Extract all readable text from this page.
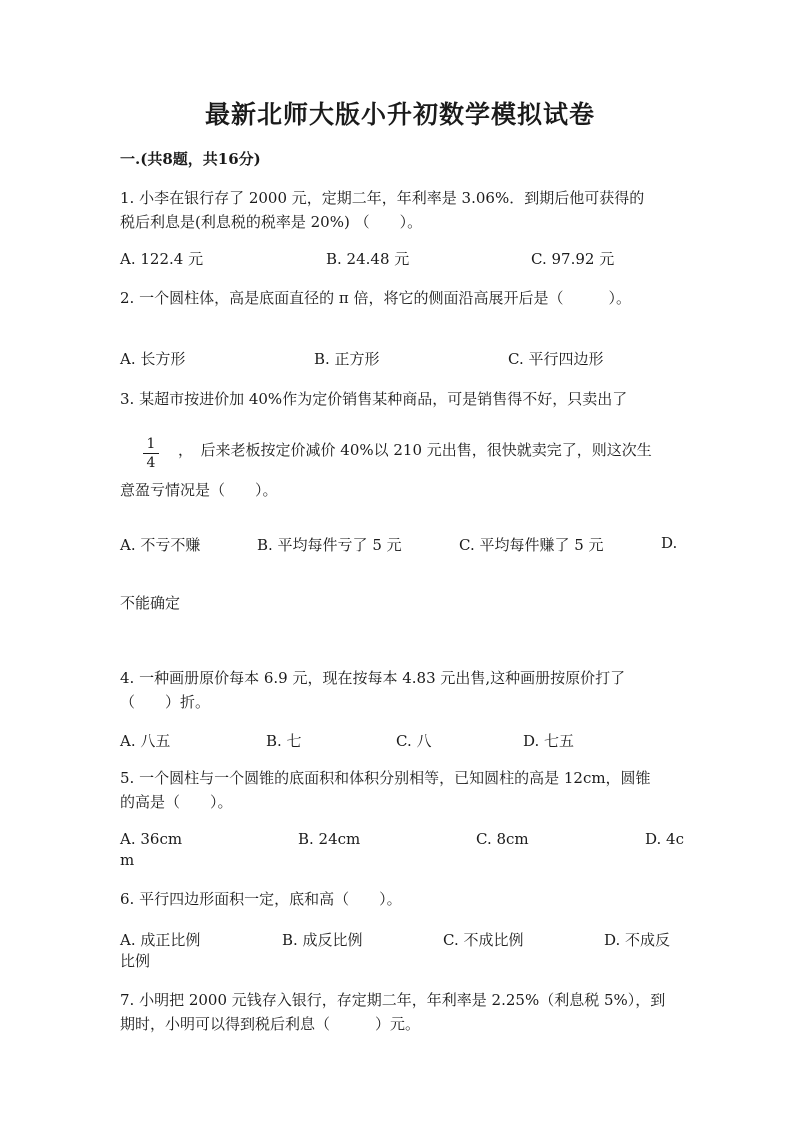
最新北师大版小升初数学模拟试卷
一.(共8题，共16分)
1. 小李在银行存了 2000 元，定期二年，年利率是 3.06%．到期后他可获得的
税后利息是(利息税的税率是 20%) （　　）。
A. 122.4 元	B. 24.48 元	C. 97.92 元
2. 一个圆柱体，高是底面直径的 π 倍，将它的侧面沿高展开后是（　　　）。
A. 长方形	B. 正方形	C. 平行四边形
3. 某超市按进价加 40%作为定价销售某种商品，可是销售得不好，只卖出了
1
4
，　后来老板按定价减价 40%以 210 元出售，很快就卖完了，则这次生
意盈亏情况是（　　）。
A. 不亏不赚	B. 平均每件亏了 5 元	C. 平均每件赚了 5 元	D.
不能确定
4. 一种画册原价每本 6.9 元，现在按每本 4.83 元出售,这种画册按原价打了
（　　）折。
A. 八五	B. 七	C. 八	D. 七五
5. 一个圆柱与一个圆锥的底面积和体积分别相等，已知圆柱的高是 12cm，圆锥
的高是（　　）。
A. 36cm	B. 24cm	C. 8cm	D. 4c
m
6. 平行四边形面积一定，底和高（　　）。
A. 成正比例	B. 成反比例	C. 不成比例	D. 不成反
比例
7. 小明把 2000 元钱存入银行，存定期二年，年利率是 2.25%（利息税 5%），到
期时，小明可以得到税后利息（　　　）元。
